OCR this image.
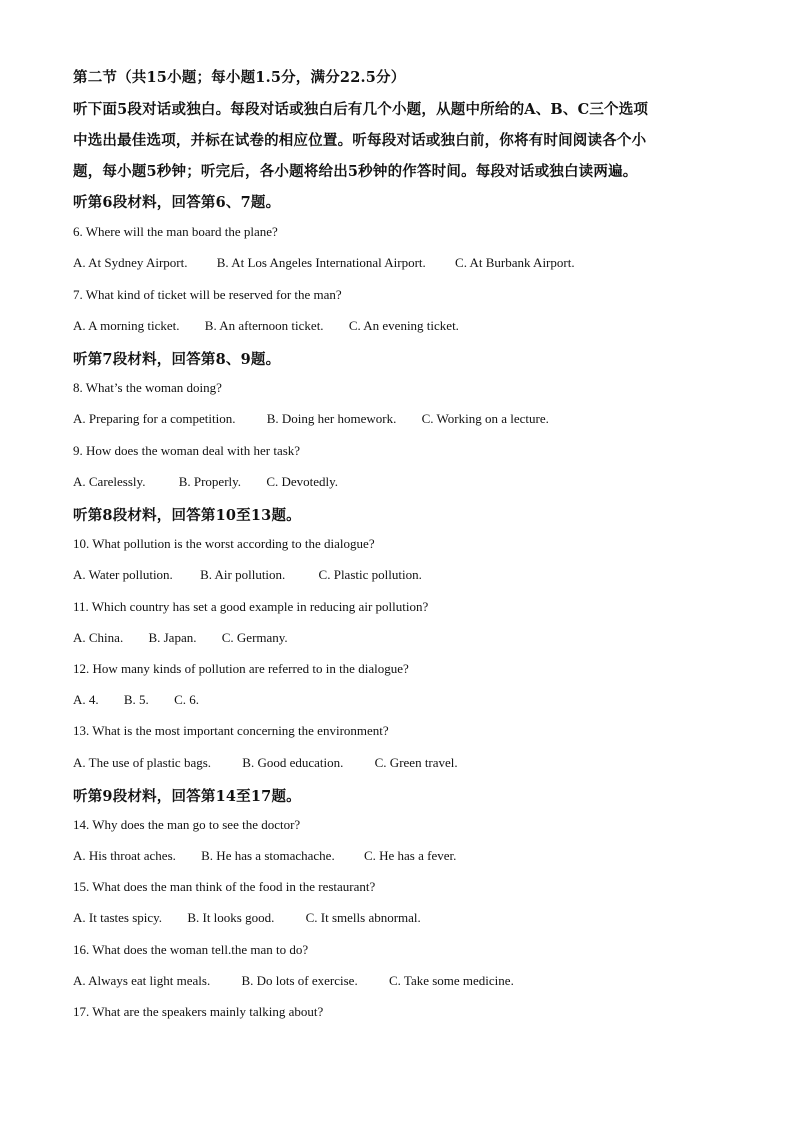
第二节（共15小题；每小题1.5分，满分22.5分）
听下面5段对话或独白。每段对话或独白后有几个小题，从题中所给的A、B、C三个选项
中选出最佳选项，并标在试卷的相应位置。听每段对话或独白前，你将有时间阅读各个小
题，每小题5秒钟；听完后，各小题将给出5秒钟的作答时间。每段对话或独白读两遍。
听第6段材料，回答第6、7题。
6. Where will the man board the plane?
A. At Sydney Airport. B. At Los Angeles International Airport. C. At Burbank Airport.
7. What kind of ticket will be reserved for the man?
A. A morning ticket. B. An afternoon ticket. C. An evening ticket.
听第7段材料，回答第8、9题。
8. What’s the woman doing?
A. Preparing for a competition. B. Doing her homework. C. Working on a lecture.
9. How does the woman deal with her task?
A. Carelessly.	B. Properly. C. Devotedly.
听第8段材料，回答第10至13题。
10. What pollution is the worst according to the dialogue?
A. Water pollution. B. Air pollution.	C. Plastic pollution.
11. Which country has set a good example in reducing air pollution?
A. China. B. Japan. C. Germany.
12. How many kinds of pollution are referred to in the dialogue?
A. 4. B. 5. C. 6.
13. What is the most important concerning the environment?
A. The use of plastic bags. B. Good education. C. Green travel.
听第9段材料，回答第14至17题。
14. Why does the man go to see the doctor?
A. His throat aches. B. He has a stomachache. C. He has a fever.
15. What does the man think of the food in the restaurant?
A. It tastes spicy. B. It looks good. C. It smells abnormal.
16. What does the woman tell.the man to do?
A. Always eat light meals. B. Do lots of exercise. C. Take some medicine.
17. What are the speakers mainly talking about?
